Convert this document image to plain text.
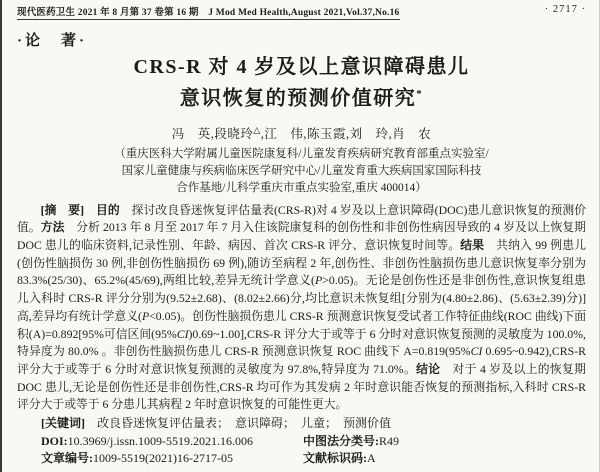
现代医药卫生 2021 年 8 月第 37 卷第 16 期　J Mod Med Health,August 2021,Vol.37,No.16	· 2717 ·
·论　著·
CRS-R 对 4 岁及以上意识障碍患儿
意识恢复的预测价值研究*
冯　英,段晓玲△,江　伟,陈玉霞,刘　玲,肖　农
（重庆医科大学附属儿童医院康复科/儿童发育疾病研究教育部重点实验室/
国家儿童健康与疾病临床医学研究中心/儿童发育重大疾病国家国际科技
合作基地/儿科学重庆市重点实验室,重庆 400014）

[摘　要]　目的　探讨改良昏迷恢复评估量表(CRS-R)对 4 岁及以上意识障碍(DOC)患儿意识恢复的预测价值。方法　分析 2013 年 8 月至 2017 年 7 月入住该院康复科的创伤性和非创伤性病因导致的 4 岁及以上恢复期 DOC 患儿的临床资料,记录性别、年龄、病因、首次 CRS-R 评分、意识恢复时间等。结果　共纳入 99 例患儿(创伤性脑损伤 30 例,非创伤性脑损伤 69 例),随访至病程 2 年,创伤性、非创伤性脑损伤患儿意识恢复率分别为 83.3%(25/30)、65.2%(45/69),两组比较,差异无统计学意义(P>0.05)。无论是创伤性还是非创伤性,意识恢复组患儿入科时 CRS-R 评分分别为(9.52±2.68)、(8.02±2.66)分,均比意识未恢复组[分别为(4.80±2.86)、(5.63±2.39)分)]高,差异均有统计学意义(P<0.05)。创伤性脑损伤患儿 CRS-R 预测意识恢复受试者工作特征曲线(ROC 曲线)下面积(A)=0.892[95%可信区间(95%CI)0.69~1.00],CRS-R 评分大于或等于 6 分时对意识恢复预测的灵敏度为 100.0%,特异度为 80.0% 。非创伤性脑损伤患儿 CRS-R 预测意识恢复 ROC 曲线下 A=0.819(95%CI 0.695~0.942),CRS-R 评分大于或等于 6 分时对意识恢复预测的灵敏度为 97.8%,特异度为 71.0%。结论　对于 4 岁及以上的恢复期 DOC 患儿,无论是创伤性还是非创伤性,CRS-R 均可作为其发病 2 年时意识能否恢复的预测指标,入科时 CRS-R 评分大于或等于 6 分患儿其病程 2 年时意识恢复的可能性更大。

[关键词]　改良昏迷恢复评估量表；　意识障碍；　儿童；　预测价值

DOI:10.3969/j.issn.1009-5519.2021.16.006	中图法分类号:R49
文章编号:1009-5519(2021)16-2717-05	文献标识码:A
